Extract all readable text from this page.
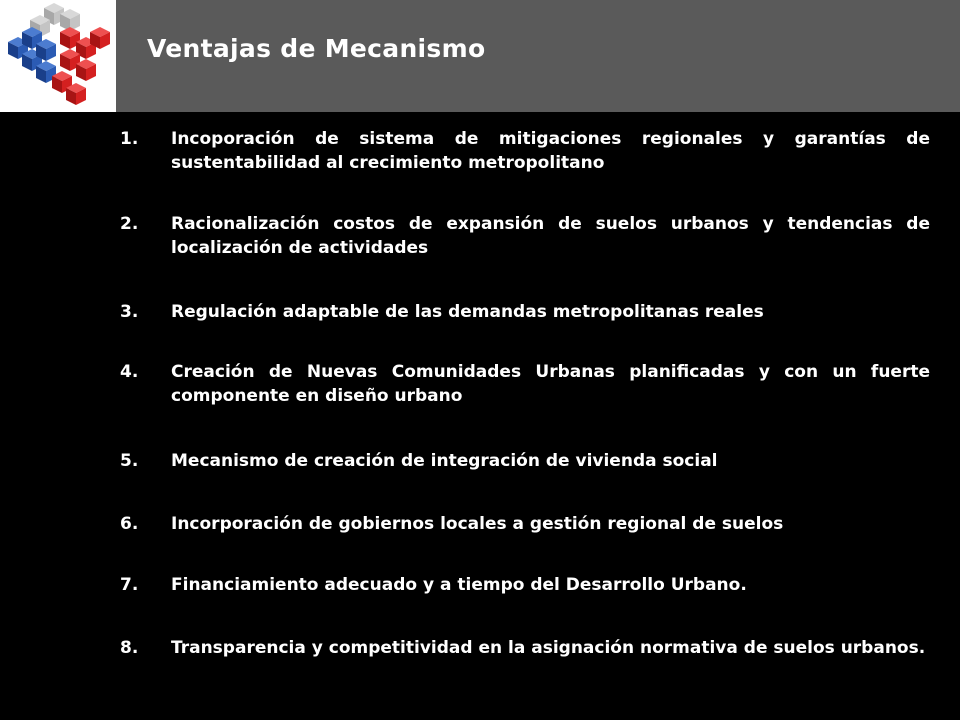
Ventajas de Mecanismo
1.	Incoporación de sistema de mitigaciones regionales y garantías de sustentabilidad al crecimiento metropolitano
2.	Racionalización costos de expansión de suelos urbanos y tendencias de localización de actividades
3.	Regulación adaptable de las demandas metropolitanas reales
4.	Creación de Nuevas Comunidades Urbanas planificadas y con un fuerte componente en diseño urbano
5.	Mecanismo de creación de integración de vivienda social
6.	Incorporación de gobiernos locales a gestión regional de suelos
7.	Financiamiento adecuado y a tiempo del Desarrollo Urbano.
8.	Transparencia y competitividad en la asignación normativa de suelos urbanos.
